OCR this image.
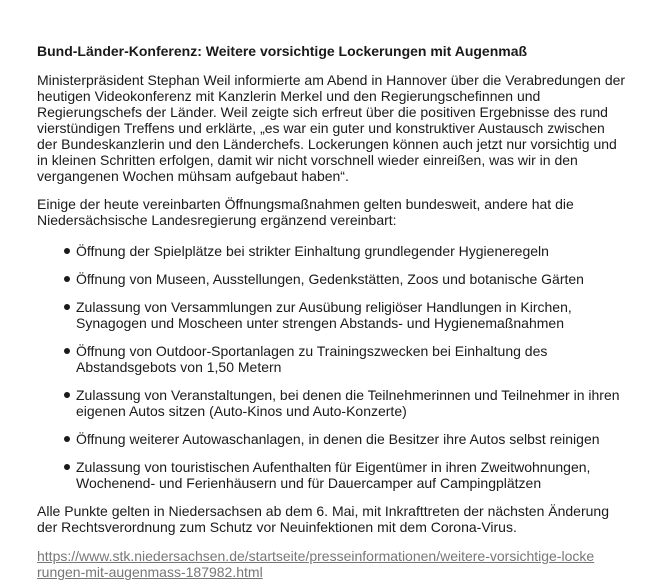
Bund-Länder-Konferenz: Weitere vorsichtige Lockerungen mit Augenmaß

Ministerpräsident Stephan Weil informierte am Abend in Hannover über die Verabredungen der heutigen Videokonferenz mit Kanzlerin Merkel und den Regierungschefinnen und Regierungschefs der Länder. Weil zeigte sich erfreut über die positiven Ergebnisse des rund vierstündigen Treffens und erklärte, „es war ein guter und konstruktiver Austausch zwischen der Bundeskanzlerin und den Länderchefs. Lockerungen können auch jetzt nur vorsichtig und in kleinen Schritten erfolgen, damit wir nicht vorschnell wieder einreißen, was wir in den vergangenen Wochen mühsam aufgebaut haben“.

Einige der heute vereinbarten Öffnungsmaßnahmen gelten bundesweit, andere hat die Niedersächsische Landesregierung ergänzend vereinbart:

Öffnung der Spielplätze bei strikter Einhaltung grundlegender Hygieneregeln
Öffnung von Museen, Ausstellungen, Gedenkstätten, Zoos und botanische Gärten
Zulassung von Versammlungen zur Ausübung religiöser Handlungen in Kirchen, Synagogen und Moscheen unter strengen Abstands- und Hygienemaßnahmen
Öffnung von Outdoor-Sportanlagen zu Trainingszwecken bei Einhaltung des Abstandsgebots von 1,50 Metern
Zulassung von Veranstaltungen, bei denen die Teilnehmerinnen und Teilnehmer in ihren eigenen Autos sitzen (Auto-Kinos und Auto-Konzerte)
Öffnung weiterer Autowaschanlagen, in denen die Besitzer ihre Autos selbst reinigen
Zulassung von touristischen Aufenthalten für Eigentümer in ihren Zweitwohnungen, Wochenend- und Ferienhäusern und für Dauercamper auf Campingplätzen

Alle Punkte gelten in Niedersachsen ab dem 6. Mai, mit Inkrafttreten der nächsten Änderung der Rechtsverordnung zum Schutz vor Neuinfektionen mit dem Corona-Virus.

https://www.stk.niedersachsen.de/startseite/presseinformationen/weitere-vorsichtige-lockerungen-mit-augenmass-187982.html
